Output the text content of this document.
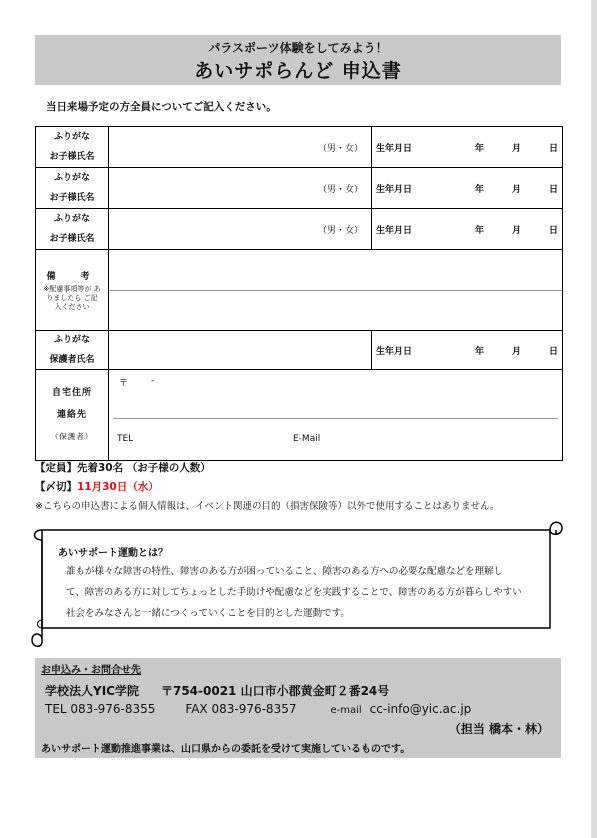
パラスポーツ体験をしてみよう！
あいサポらんど 申込書
当日来場予定の方全員についてご記入ください。
ふりがな
お子様氏名
（男・女）	生年月日	年	月	日
ふりがな
お子様氏名
（男・女）	生年月日	年	月	日
ふりがな
お子様氏名
（男・女）	生年月日	年	月	日
備　考
※配慮事項等が ありましたら ご記入ください
ふりがな
保護者氏名
生年月日	年	月	日
自宅住所
連絡先
（保護者）
〒	-
TEL	E-Mail
【定員】先着30名 （お子様の人数）
【〆切】11月30日（水）
※こちらの申込書による個人情報は、イベント関連の目的（損害保険等）以外で使用することはありません。
あいサポート運動とは？
誰もが様々な障害の特性、障害のある方が困っていること、障害のある方への必要な配慮などを理解し
て、障害のある方に対してちょっとした手助けや配慮などを実践することで、障害のある方が暮らしやすい
社会をみなさんと一緒につくっていくことを目的とした運動です。
お申込み・お問合せ先
学校法人YIC学院 〒754-0021 山口市小郡黄金町２番24号
TEL 083-976-8355	FAX 083-976-8357	e-mail cc-info@yic.ac.jp
（担当 橋本・林）
あいサポート運動推進事業は、山口県からの委託を受けて実施しているものです。
